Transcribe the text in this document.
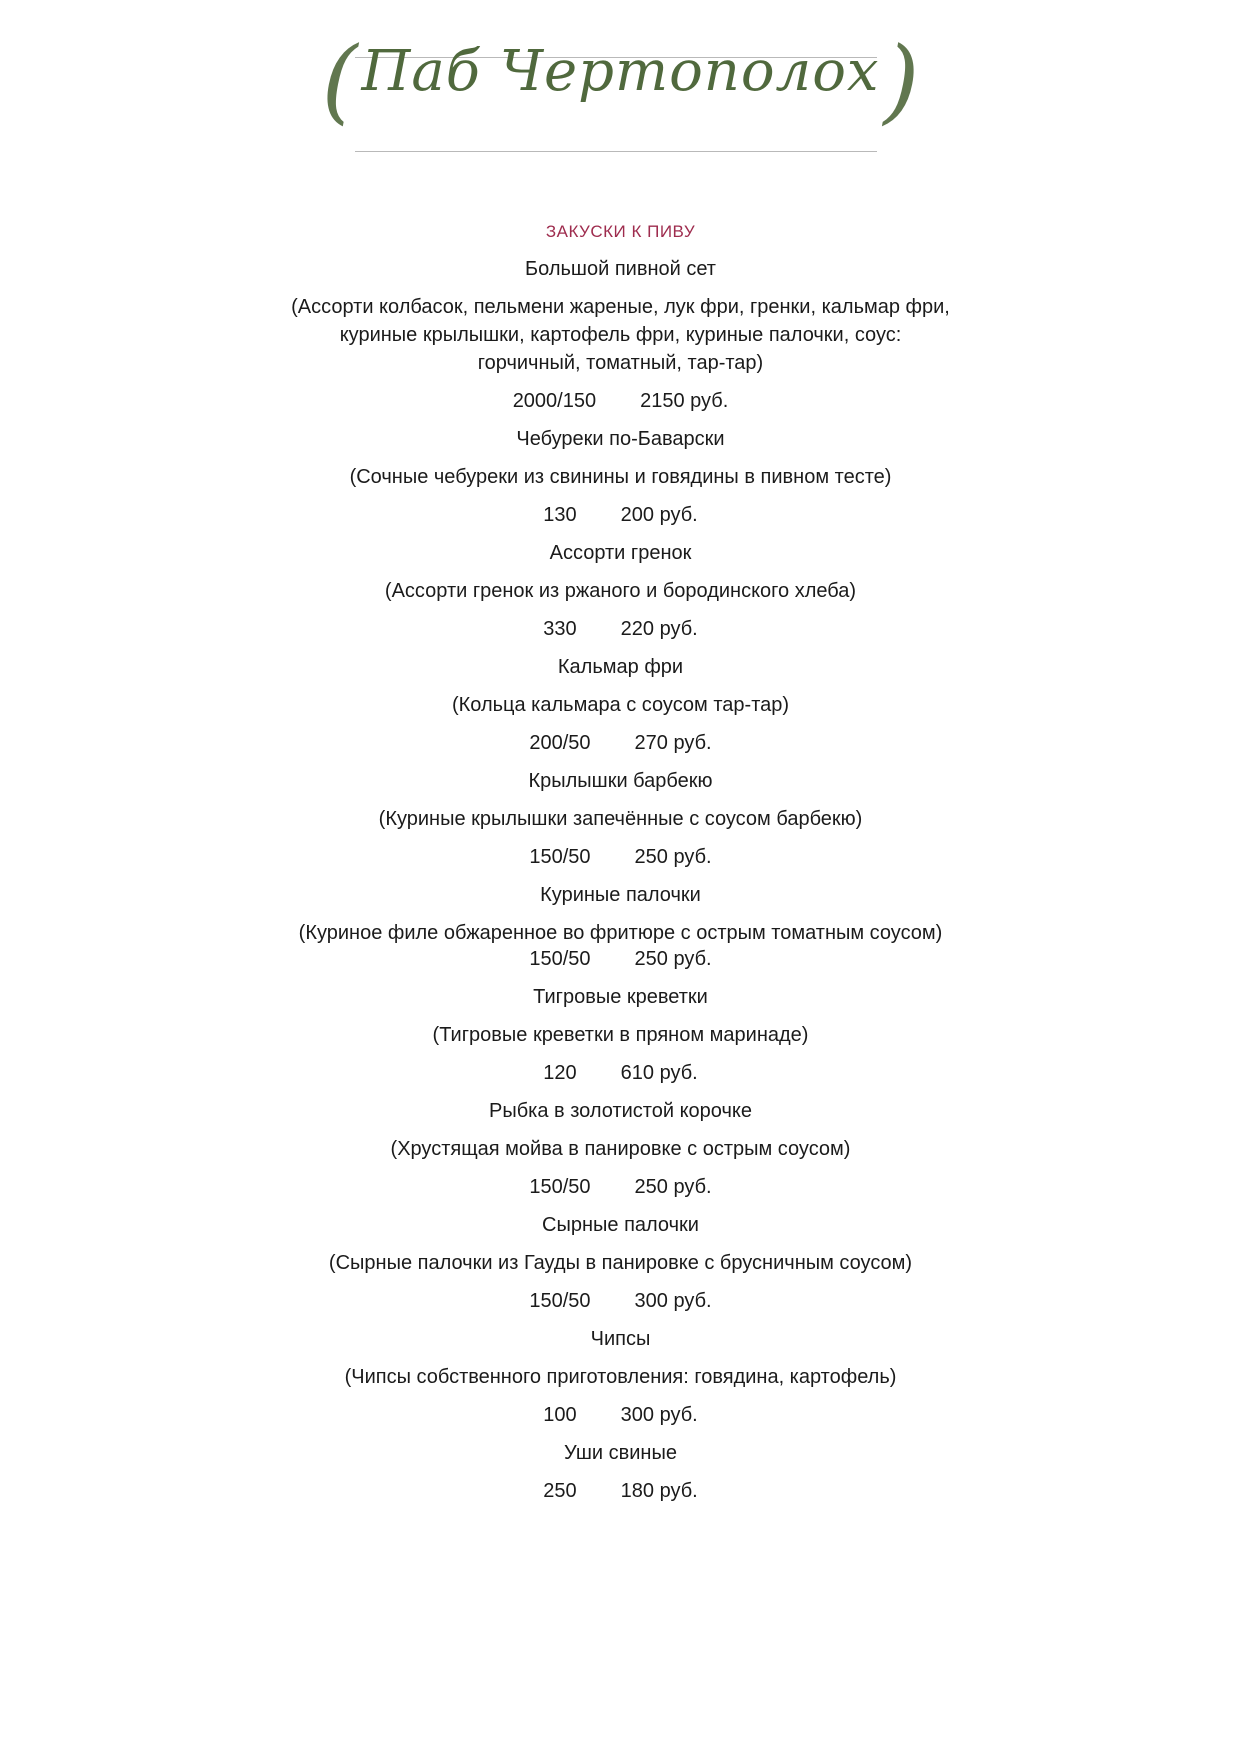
(Паб Чертополох)
ЗАКУСКИ К ПИВУ
Большой пивной сет

(Ассорти колбасок, пельмени жареные, лук фри, гренки, кальмар фри, куриные крылышки, картофель фри, куриные палочки, соус: горчичный, томатный, тар-тар)

2000/150 2150 руб.
Чебуреки по-Баварски

(Сочные чебуреки из свинины и говядины в пивном тесте)

130 200 руб.
Ассорти гренок

(Ассорти гренок из ржаного и бородинского хлеба)

330 220 руб.
Кальмар фри

(Кольца кальмара с соусом тар-тар)

200/50 270 руб.
Крылышки барбекю

(Куриные крылышки запечённые с соусом барбекю)

150/50 250 руб.
Куриные палочки

(Куриное филе обжаренное во фритюре с острым томатным соусом)

150/50 250 руб.
Тигровые креветки

(Тигровые креветки в пряном маринаде)

120 610 руб.
Рыбка в золотистой корочке

(Хрустящая мойва в панировке с острым соусом)

150/50 250 руб.
Сырные палочки

(Сырные палочки из Гауды в панировке с брусничным соусом)

150/50 300 руб.
Чипсы

(Чипсы собственного приготовления: говядина, картофель)

100 300 руб.
Уши свиные
250 180 руб.
